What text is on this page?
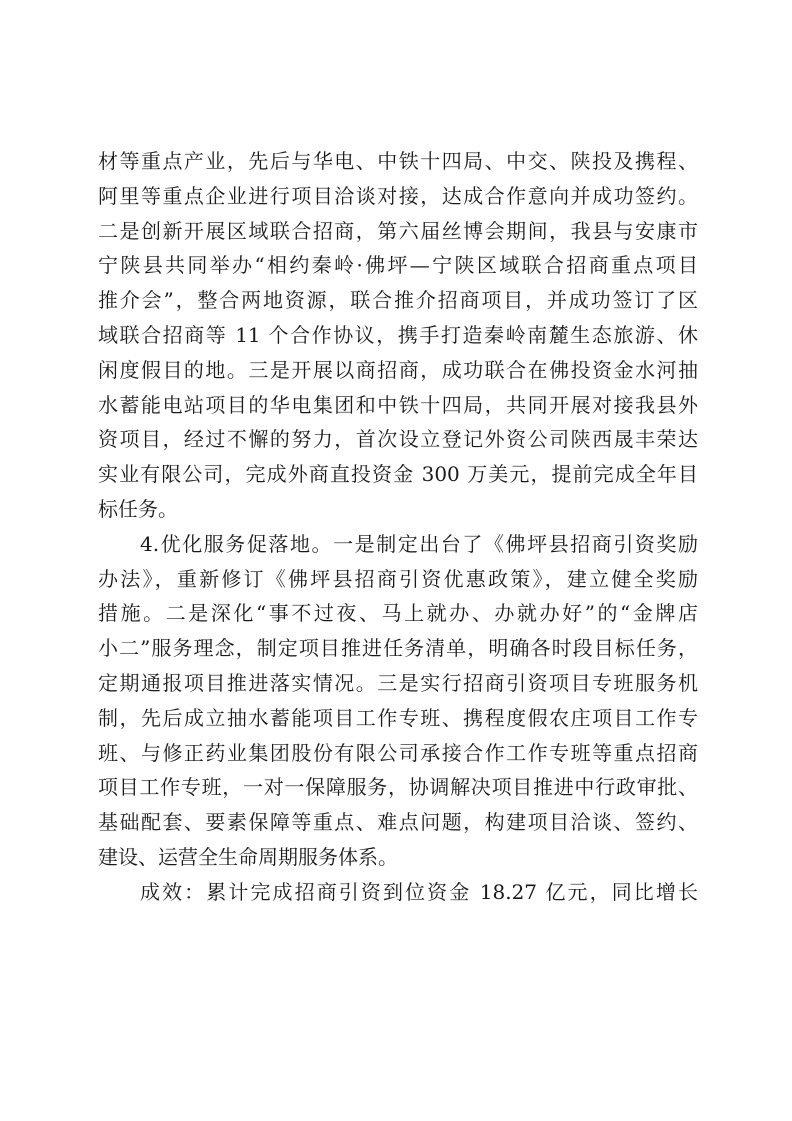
材等重点产业，先后与华电、中铁十四局、中交、陕投及携程、
阿里等重点企业进行项目洽谈对接，达成合作意向并成功签约。
二是创新开展区域联合招商，第六届丝博会期间，我县与安康市
宁陕县共同举办“相约秦岭·佛坪—宁陕区域联合招商重点项目
推介会”，整合两地资源，联合推介招商项目，并成功签订了区
域联合招商等 11 个合作协议，携手打造秦岭南麓生态旅游、休
闲度假目的地。三是开展以商招商，成功联合在佛投资金水河抽
水蓄能电站项目的华电集团和中铁十四局，共同开展对接我县外
资项目，经过不懈的努力，首次设立登记外资公司陕西晟丰荣达
实业有限公司，完成外商直投资金 300 万美元，提前完成全年目
标任务。
4.优化服务促落地。一是制定出台了《佛坪县招商引资奖励
办法》，重新修订《佛坪县招商引资优惠政策》，建立健全奖励
措施。二是深化“事不过夜、马上就办、办就办好”的“金牌店
小二”服务理念，制定项目推进任务清单，明确各时段目标任务，
定期通报项目推进落实情况。三是实行招商引资项目专班服务机
制，先后成立抽水蓄能项目工作专班、携程度假农庄项目工作专
班、与修正药业集团股份有限公司承接合作工作专班等重点招商
项目工作专班，一对一保障服务，协调解决项目推进中行政审批、
基础配套、要素保障等重点、难点问题，构建项目洽谈、签约、
建设、运营全生命周期服务体系。
成效：累计完成招商引资到位资金 18.27 亿元，同比增长
